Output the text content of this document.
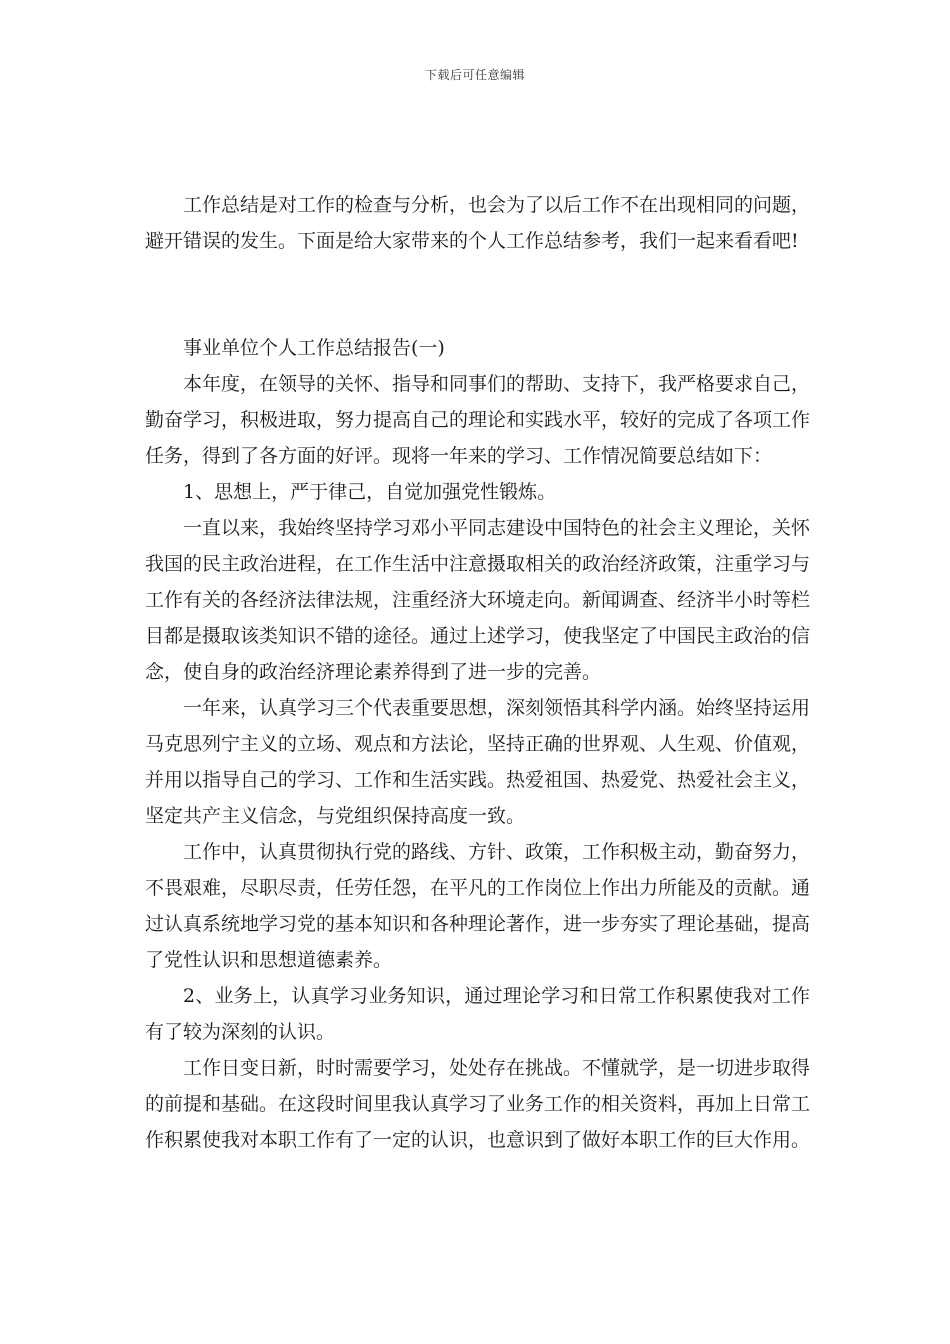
下载后可任意编辑

工作总结是对工作的检查与分析，也会为了以后工作不在出现相同的问题，避开错误的发生。下面是给大家带来的个人工作总结参考，我们一起来看看吧!

事业单位个人工作总结报告(一)

本年度，在领导的关怀、指导和同事们的帮助、支持下，我严格要求自己，勤奋学习，积极进取，努力提高自己的理论和实践水平，较好的完成了各项工作任务，得到了各方面的好评。现将一年来的学习、工作情况简要总结如下：

1、思想上，严于律己，自觉加强党性锻炼。

一直以来，我始终坚持学习邓小平同志建设中国特色的社会主义理论，关怀我国的民主政治进程，在工作生活中注意摄取相关的政治经济政策，注重学习与工作有关的各经济法律法规，注重经济大环境走向。新闻调查、经济半小时等栏目都是摄取该类知识不错的途径。通过上述学习，使我坚定了中国民主政治的信念，使自身的政治经济理论素养得到了进一步的完善。

一年来，认真学习三个代表重要思想，深刻领悟其科学内涵。始终坚持运用马克思列宁主义的立场、观点和方法论，坚持正确的世界观、人生观、价值观，并用以指导自己的学习、工作和生活实践。热爱祖国、热爱党、热爱社会主义，坚定共产主义信念，与党组织保持高度一致。

工作中，认真贯彻执行党的路线、方针、政策，工作积极主动，勤奋努力，不畏艰难，尽职尽责，任劳任怨，在平凡的工作岗位上作出力所能及的贡献。通过认真系统地学习党的基本知识和各种理论著作，进一步夯实了理论基础，提高了党性认识和思想道德素养。

2、业务上，认真学习业务知识，通过理论学习和日常工作积累使我对工作有了较为深刻的认识。

工作日变日新，时时需要学习，处处存在挑战。不懂就学，是一切进步取得的前提和基础。在这段时间里我认真学习了业务工作的相关资料，再加上日常工作积累使我对本职工作有了一定的认识，也意识到了做好本职工作的巨大作用。
